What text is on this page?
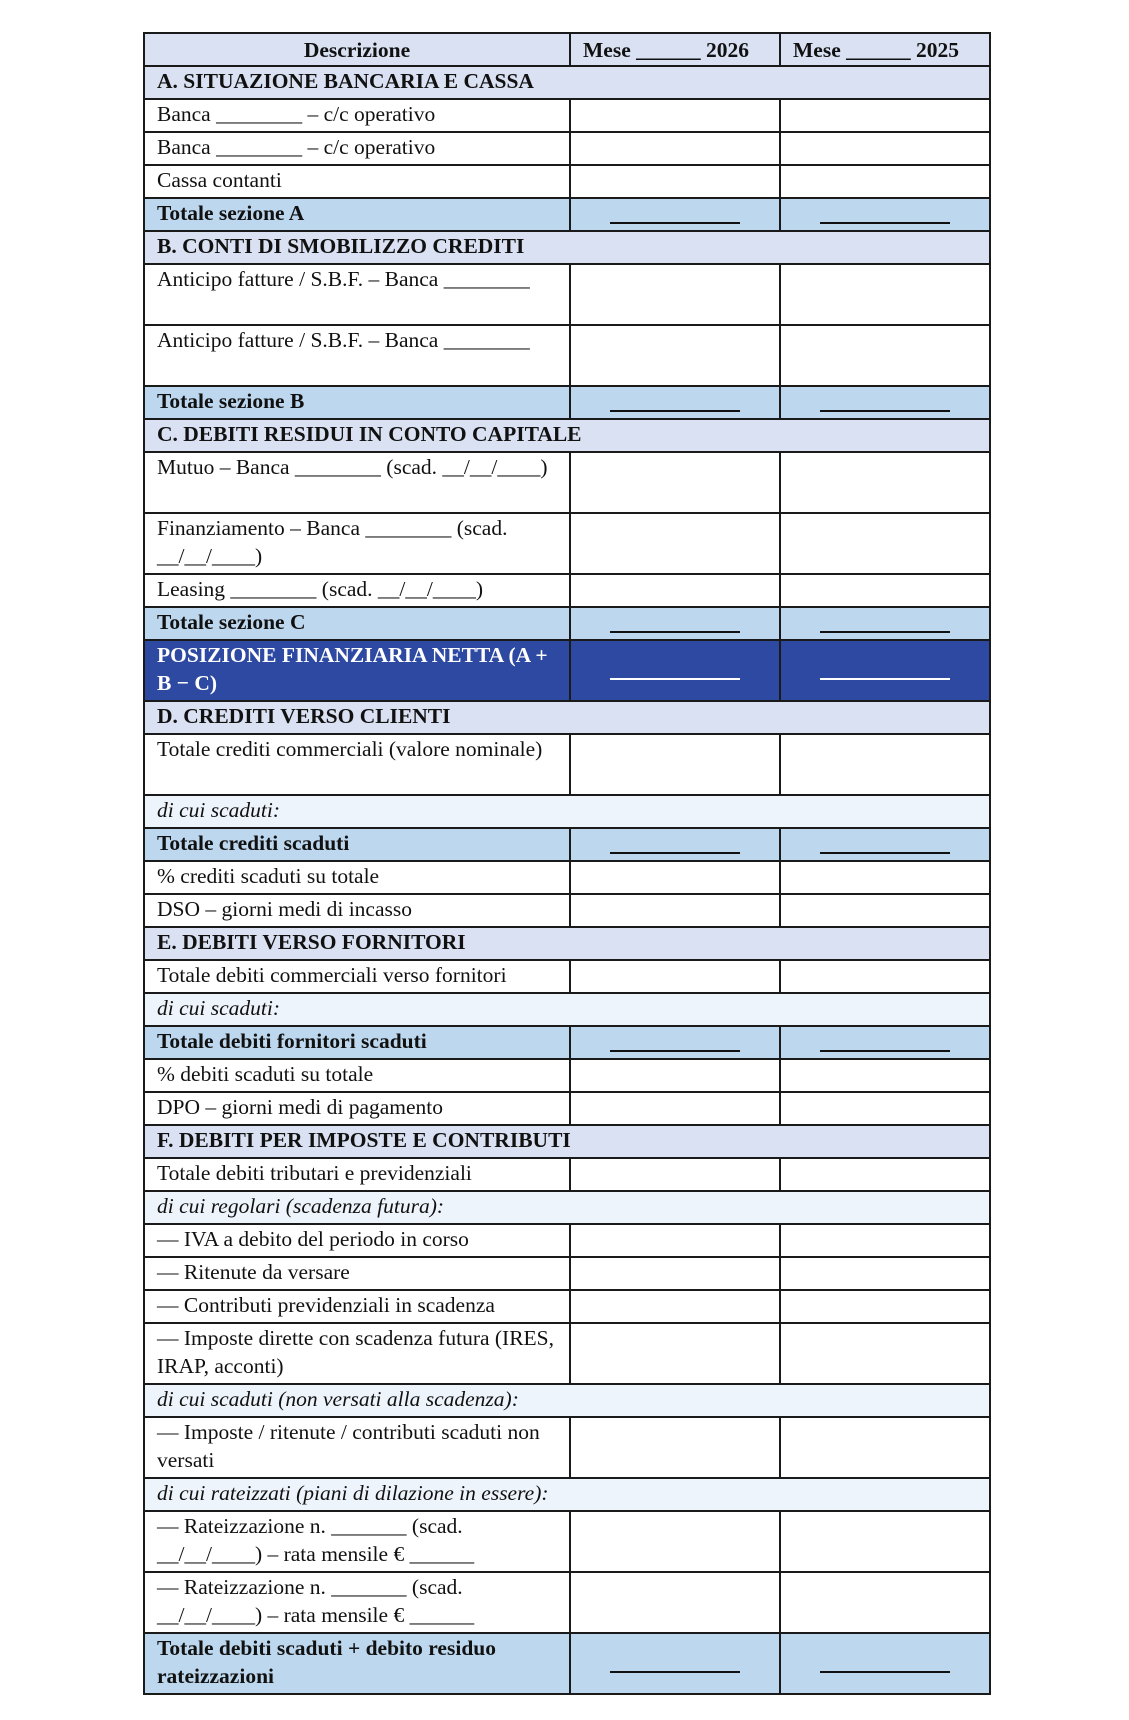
Descrizione	Mese ______ 2026	Mese ______ 2025
A. SITUAZIONE BANCARIA E CASSA		
Banca ________ – c/c operativo		
Banca ________ – c/c operativo		
Cassa contanti		
Totale sezione A		
B. CONTI DI SMOBILIZZO CREDITI		
Anticipo fatture / S.B.F. – Banca ________		
Anticipo fatture / S.B.F. – Banca ________		
Totale sezione B		
C. DEBITI RESIDUI IN CONTO CAPITALE		
Mutuo – Banca ________ (scad. __/__/____)		
Finanziamento – Banca ________ (scad. __/__/____)		
Leasing ________ (scad. __/__/____)		
Totale sezione C		
POSIZIONE FINANZIARIA NETTA (A + B − C)		
D. CREDITI VERSO CLIENTI		
Totale crediti commerciali (valore nominale)		
di cui scaduti:		
Totale crediti scaduti		
% crediti scaduti su totale		
DSO – giorni medi di incasso		
E. DEBITI VERSO FORNITORI		
Totale debiti commerciali verso fornitori		
di cui scaduti:		
Totale debiti fornitori scaduti		
% debiti scaduti su totale		
DPO – giorni medi di pagamento		
F. DEBITI PER IMPOSTE E CONTRIBUTI		
Totale debiti tributari e previdenziali		
di cui regolari (scadenza futura):		
— IVA a debito del periodo in corso		
— Ritenute da versare		
— Contributi previdenziali in scadenza		
— Imposte dirette con scadenza futura (IRES, IRAP, acconti)		
di cui scaduti (non versati alla scadenza):		
— Imposte / ritenute / contributi scaduti non versati		
di cui rateizzati (piani di dilazione in essere):		
— Rateizzazione n. _______ (scad. __/__/____) – rata mensile € ______		
— Rateizzazione n. _______ (scad. __/__/____) – rata mensile € ______		
Totale debiti scaduti + debito residuo rateizzazioni		
